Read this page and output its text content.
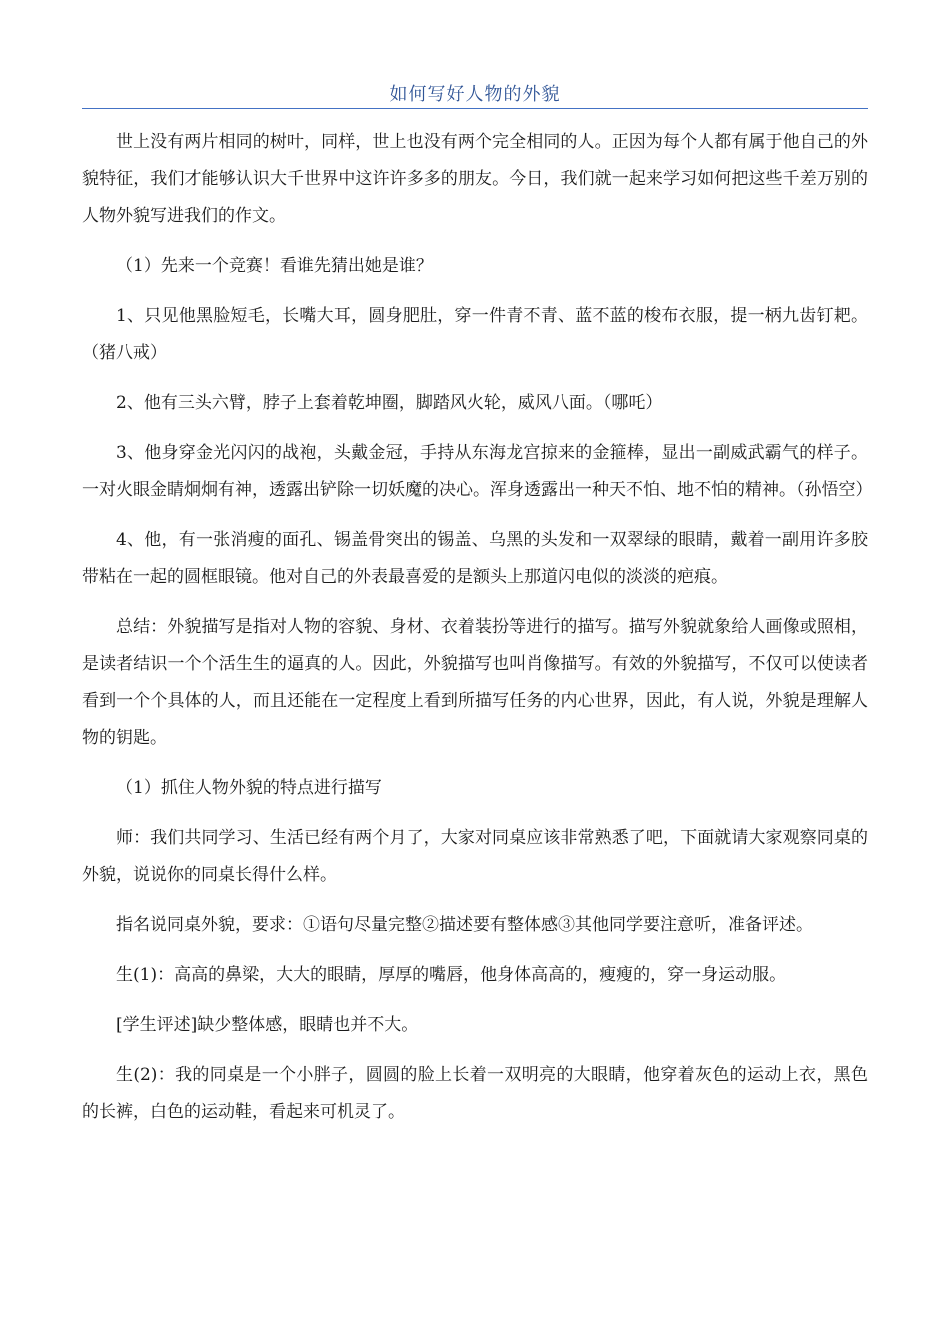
如何写好人物的外貌

世上没有两片相同的树叶，同样，世上也没有两个完全相同的人。正因为每个人都有属于他自己的外貌特征，我们才能够认识大千世界中这许许多多的朋友。今日，我们就一起来学习如何把这些千差万别的人物外貌写进我们的作文。

（1）先来一个竞赛！看谁先猜出她是谁？

1、只见他黑脸短毛，长嘴大耳，圆身肥肚，穿一件青不青、蓝不蓝的梭布衣服，提一柄九齿钉耙。（猪八戒）

2、他有三头六臂，脖子上套着乾坤圈，脚踏风火轮，威风八面。（哪吒）

3、他身穿金光闪闪的战袍，头戴金冠，手持从东海龙宫掠来的金箍棒，显出一副威武霸气的样子。一对火眼金睛炯炯有神，透露出铲除一切妖魔的决心。浑身透露出一种天不怕、地不怕的精神。（孙悟空）

4、他，有一张消瘦的面孔、锡盖骨突出的锡盖、乌黑的头发和一双翠绿的眼睛，戴着一副用许多胶带粘在一起的圆框眼镜。他对自己的外表最喜爱的是额头上那道闪电似的淡淡的疤痕。

总结：外貌描写是指对人物的容貌、身材、衣着装扮等进行的描写。描写外貌就象给人画像或照相，是读者结识一个个活生生的逼真的人。因此，外貌描写也叫肖像描写。有效的外貌描写，不仅可以使读者看到一个个具体的人，而且还能在一定程度上看到所描写任务的内心世界，因此，有人说，外貌是理解人物的钥匙。

（1）抓住人物外貌的特点进行描写

师：我们共同学习、生活已经有两个月了，大家对同桌应该非常熟悉了吧，下面就请大家观察同桌的外貌，说说你的同桌长得什么样。

指名说同桌外貌，要求：①语句尽量完整②描述要有整体感③其他同学要注意听，准备评述。

生(1)：高高的鼻梁，大大的眼睛，厚厚的嘴唇，他身体高高的，瘦瘦的，穿一身运动服。

[学生评述]缺少整体感，眼睛也并不大。

生(2)：我的同桌是一个小胖子，圆圆的脸上长着一双明亮的大眼睛，他穿着灰色的运动上衣，黑色的长裤，白色的运动鞋，看起来可机灵了。
